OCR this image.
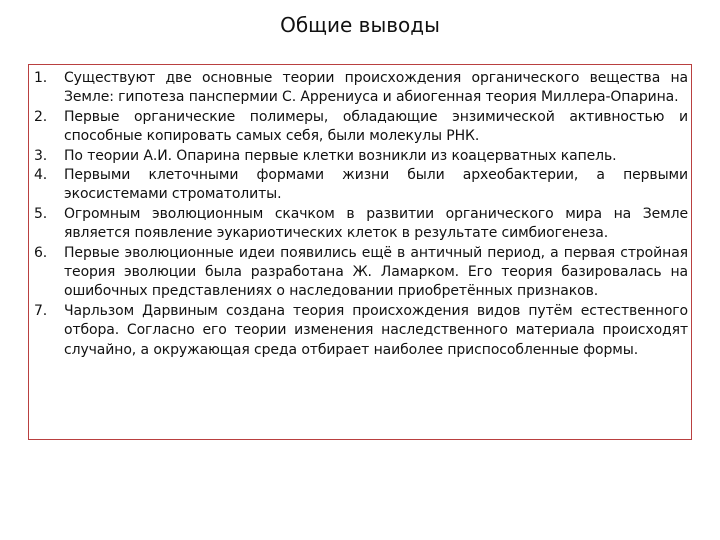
Общие выводы
1.	Существуют две основные теории происхождения органического вещества на Земле: гипотеза панспермии С. Аррениуса и абиогенная теория Миллера-Опарина.
2.	Первые органические полимеры, обладающие энзимической активностью и способные копировать самых себя, были молекулы РНК.
3.	По теории А.И. Опарина первые клетки возникли из коацерватных капель.
4.	Первыми клеточными формами жизни были археобактерии, а первыми экосистемами строматолиты.
5.	Огромным эволюционным скачком в развитии органического мира на Земле является появление эукариотических клеток в результате симбиогенеза.
6.	Первые эволюционные идеи появились ещё в античный период, а первая стройная теория эволюции была разработана Ж. Ламарком. Его теория базировалась на ошибочных представлениях о наследовании приобретённых признаков.
7.	Чарльзом Дарвиным создана теория происхождения видов путём естественного отбора. Согласно его теории изменения наследственного материала происходят случайно, а окружающая среда отбирает наиболее приспособленные формы.
